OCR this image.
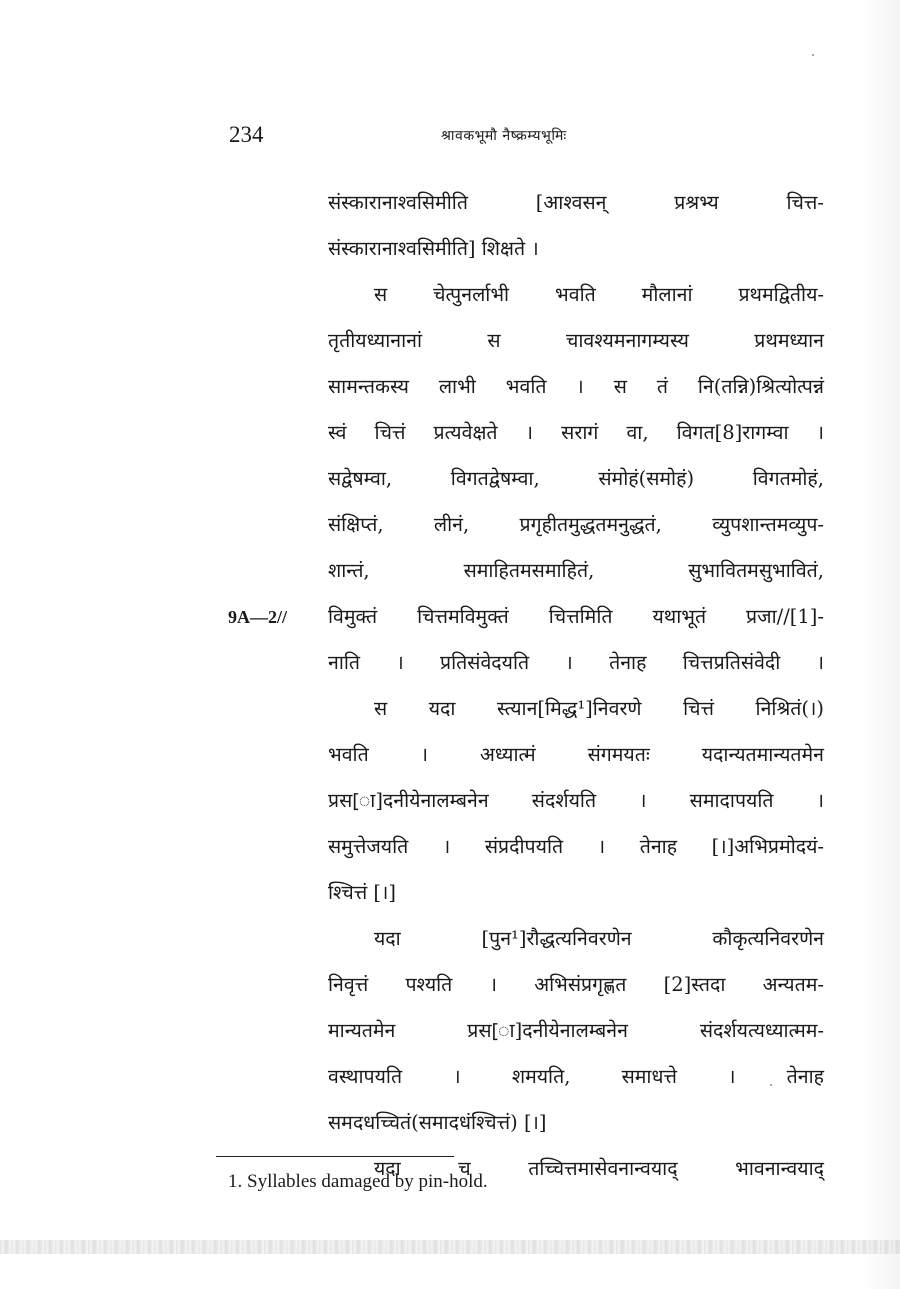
234	श्रावकभूमौ नैष्क्रम्यभूमिः
संस्कारानाश्वसिमीति [आश्वसन् प्रश्रभ्य चित्त-
संस्कारानाश्वसिमीति] शिक्षते ।
स चेत्पुनर्लाभी भवति मौलानां प्रथमद्वितीय-
तृतीयध्यानानां स चावश्यमनागम्यस्य प्रथमध्यान
सामन्तकस्य लाभी भवति । स तं नि(तन्नि)श्रित्योत्पन्नं
स्वं चित्तं प्रत्यवेक्षते । सरागं वा, विगत[8]रागम्वा ।
सद्वेषम्वा, विगतद्वेषम्वा, संमोहं(समोहं) विगतमोहं,
संक्षिप्तं, लीनं, प्रगृहीतमुद्धतमनुद्धतं, व्युपशान्तमव्युप-
शान्तं, समाहितमसमाहितं, सुभावितमसुभावितं,
9A—2// विमुक्तं चित्तमविमुक्तं चित्तमिति यथाभूतं प्रजा//[1]-
नाति । प्रतिसंवेदयति । तेनाह चित्तप्रतिसंवेदी ।
स यदा स्त्यान[मिद्ध¹]निवरणे चित्तं निश्रितं(।)
भवति । अध्यात्मं संगमयतः यदान्यतमान्यतमेन
प्रस[ा]दनीयेनालम्बनेन संदर्शयति । समादापयति ।
समुत्तेजयति । संप्रदीपयति । तेनाह [।]अभिप्रमोदयं-
श्चित्तं [।]
यदा [पुन¹]रौद्धत्यनिवरणेन कौकृत्यनिवरणेन
निवृत्तं पश्यति । अभिसंप्रगृह्णत [2]स्तदा अन्यतम-
मान्यतमेन प्रस[ा]दनीयेनालम्बनेन संदर्शयत्यध्यात्मम-
वस्थापयति । शमयति, समाधत्ते । तेनाह
समदधच्चितं(समादधंश्चित्तं) [।]
यदा च तच्चित्तमासेवनान्वयाद् भावनान्वयाद्
1. Syllables damaged by pin-hold.
